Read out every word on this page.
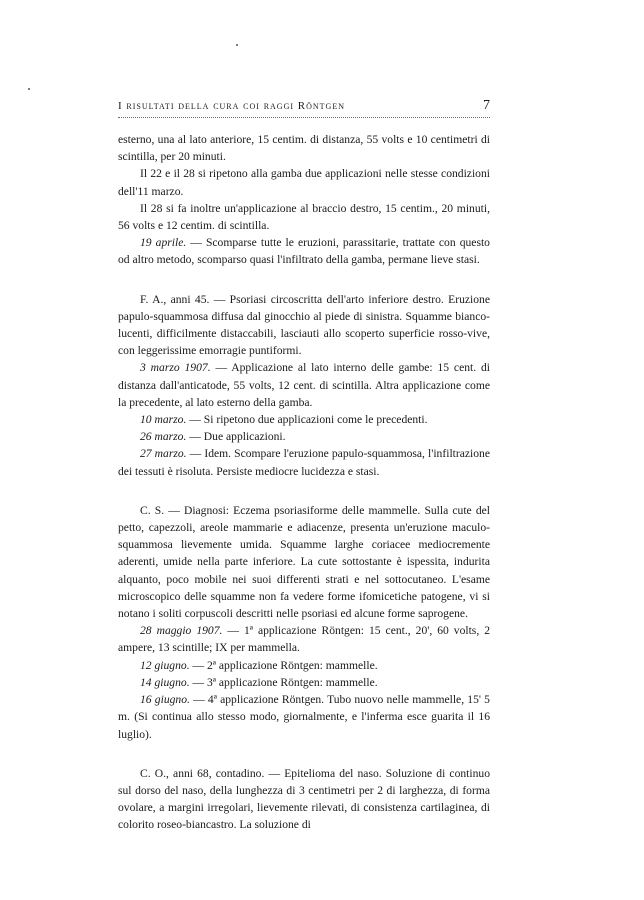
I risultati della cura coi raggi Röntgen	7

esterno, una al lato anteriore, 15 centim. di distanza, 55 volts e 10 centimetri di scintilla, per 20 minuti.

Il 22 e il 28 si ripetono alla gamba due applicazioni nelle stesse condizioni dell'11 marzo.

Il 28 si fa inoltre un'applicazione al braccio destro, 15 centim., 20 minuti, 56 volts e 12 centim. di scintilla.

19 aprile. — Scomparse tutte le eruzioni, parassitarie, trattate con questo od altro metodo, scomparso quasi l'infiltrato della gamba, permane lieve stasi.

F. A., anni 45. — Psoriasi circoscritta dell'arto inferiore destro. Eruzione papulo-squammosa diffusa dal ginocchio al piede di sinistra. Squamme bianco-lucenti, difficilmente distaccabili, lasciauti allo scoperto superficie rosso-vive, con leggerissime emorragie puntiformi.

3 marzo 1907. — Applicazione al lato interno delle gambe: 15 cent. di distanza dall'anticatode, 55 volts, 12 cent. di scintilla. Altra applicazione come la precedente, al lato esterno della gamba.

10 marzo. — Si ripetono due applicazioni come le precedenti.

26 marzo. — Due applicazioni.

27 marzo. — Idem. Scompare l'eruzione papulo-squammosa, l'infiltrazione dei tessuti è risoluta. Persiste mediocre lucidezza e stasi.

C. S. — Diagnosi: Eczema psoriasiforme delle mammelle. Sulla cute del petto, capezzoli, areole mammarie e adiacenze, presenta un'eruzione maculo-squammosa lievemente umida. Squamme larghe coriacee mediocremente aderenti, umide nella parte inferiore. La cute sottostante è ispessita, indurita alquanto, poco mobile nei suoi differenti strati e nel sottocutaneo. L'esame microscopico delle squamme non fa vedere forme ifomicetiche patogene, vi si notano i soliti corpuscoli descritti nelle psoriasi ed alcune forme saprogene.

28 maggio 1907. — 1ª applicazione Röntgen: 15 cent., 20', 60 volts, 2 ampere, 13 scintille; IX per mammella.

12 giugno. — 2ª applicazione Röntgen: mammelle.

14 giugno. — 3ª applicazione Röntgen: mammelle.

16 giugno. — 4ª applicazione Röntgen. Tubo nuovo nelle mammelle, 15' 5 m. (Si continua allo stesso modo, giornalmente, e l'inferma esce guarita il 16 luglio).

C. O., anni 68, contadino. — Epitelioma del naso. Soluzione di continuo sul dorso del naso, della lunghezza di 3 centimetri per 2 di larghezza, di forma ovolare, a margini irregolari, lievemente rilevati, di consistenza cartilaginea, di colorito roseo-biancastro. La soluzione di
